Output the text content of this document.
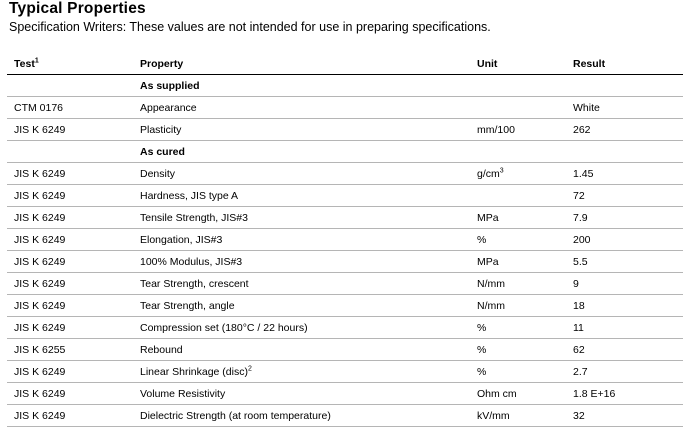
Typical Properties
Specification Writers: These values are not intended for use in preparing specifications.
Test$^1$	Property	Unit	Result
	As supplied		
CTM 0176	Appearance		White
JIS K 6249	Plasticity	mm/100	262
	As cured		
JIS K 6249	Density	$g/cm^3$	1.45
JIS K 6249	Hardness, JIS type A		72
JIS K 6249	Tensile Strength, JIS#3	MPa	7.9
JIS K 6249	Elongation, JIS#3	%	200
JIS K 6249	100% Modulus, JIS#3	MPa	5.5
JIS K 6249	Tear Strength, crescent	N/mm	9
JIS K 6249	Tear Strength, angle	N/mm	18
JIS K 6249	Compression set (180°C / 22 hours)	%	11
JIS K 6255	Rebound	%	62
JIS K 6249	Linear Shrinkage (disc)$^2$	%	2.7
JIS K 6249	Volume Resistivity	Ohm cm	1.8 E+16
JIS K 6249	Dielectric Strength (at room temperature)	kV/mm	32
